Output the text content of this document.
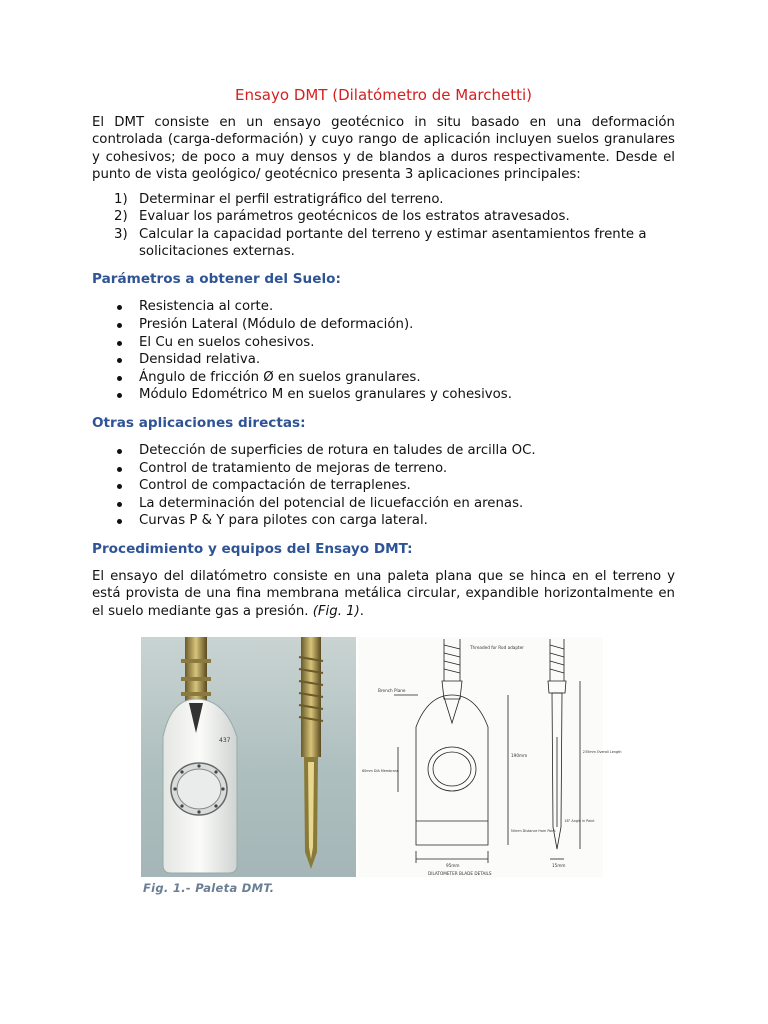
Ensayo DMT (Dilatómetro de Marchetti)

El DMT consiste en un ensayo geotécnico in situ basado en una deformación controlada (carga-deformación) y cuyo rango de aplicación incluyen suelos granulares y cohesivos; de poco a muy densos y de blandos a duros respectivamente. Desde el punto de vista geológico/ geotécnico presenta 3 aplicaciones principales:

1) Determinar el perfil estratigráfico del terreno.
2) Evaluar los parámetros geotécnicos de los estratos atravesados.
3) Calcular la capacidad portante del terreno y estimar asentamientos frente a solicitaciones externas.
Parámetros a obtener del Suelo:
Resistencia al corte.
Presión Lateral (Módulo de deformación).
El Cu en suelos cohesivos.
Densidad relativa.
Ángulo de fricción Ø en suelos granulares.
Módulo Edométrico M en suelos granulares y cohesivos.
Otras aplicaciones directas:
Detección de superficies de rotura en taludes de arcilla OC.
Control de tratamiento de mejoras de terreno.
Control de compactación de terraplenes.
La determinación del potencial de licuefacción en arenas.
Curvas P & Y para pilotes con carga lateral.
Procedimiento y equipos del Ensayo DMT:

El ensayo del dilatómetro consiste en una paleta plana que se hinca en el terreno y está provista de una fina membrana metálica circular, expandible horizontalmente en el suelo mediante gas a presión. (Fig. 1).

437
Threaded for Rod adapter
Brench Plane
190mm
235mm Overall Length
60mm DIA Membrane
50mm Distance from Point
95mm
18° Angle in Point
15mm
DILATOMETER BLADE DETAILS
Fig. 1.- Paleta DMT.
